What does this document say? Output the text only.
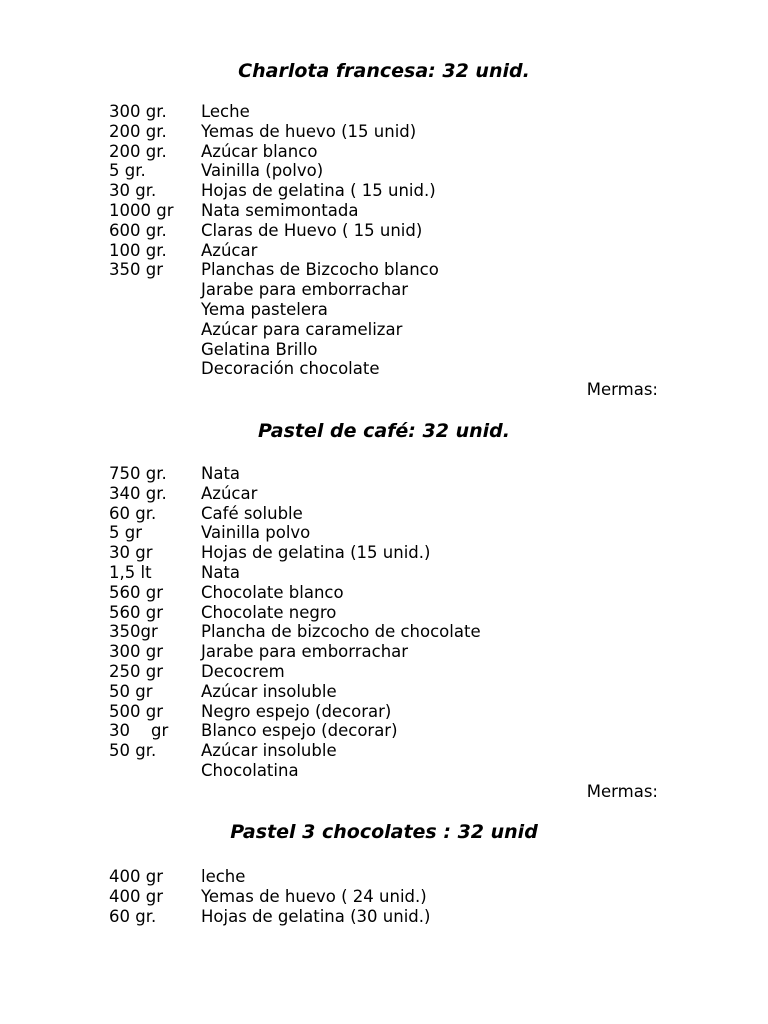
Charlota francesa: 32 unid.
300 gr. Leche
200 gr. Yemas de huevo (15 unid)
200 gr. Azúcar blanco
5 gr.	Vainilla (polvo)
30 gr.	Hojas de gelatina ( 15 unid.)
1000 gr Nata semimontada
600 gr. Claras de Huevo ( 15 unid)
100 gr. Azúcar
350 gr Planchas de Bizcocho blanco
Jarabe para emborrachar
Yema pastelera
Azúcar para caramelizar
Gelatina Brillo
Decoración chocolate
Mermas:
Pastel de café: 32 unid.
750 gr. Nata
340 gr. Azúcar
60 gr.	Café soluble
5 gr	Vainilla polvo
30 gr	Hojas de gelatina (15 unid.)
1,5 lt	Nata
560 gr Chocolate blanco
560 gr Chocolate negro
350gr	Plancha de bizcocho de chocolate
300 gr Jarabe para emborrachar
250 gr Decocrem
50 gr	Azúcar insoluble
500 gr Negro espejo (decorar)
30    gr Blanco espejo (decorar)
50 gr.	Azúcar insoluble
Chocolatina
Mermas:
Pastel 3 chocolates : 32 unid
400 gr leche
400 gr Yemas de huevo ( 24 unid.)
60 gr.	Hojas de gelatina (30 unid.)
